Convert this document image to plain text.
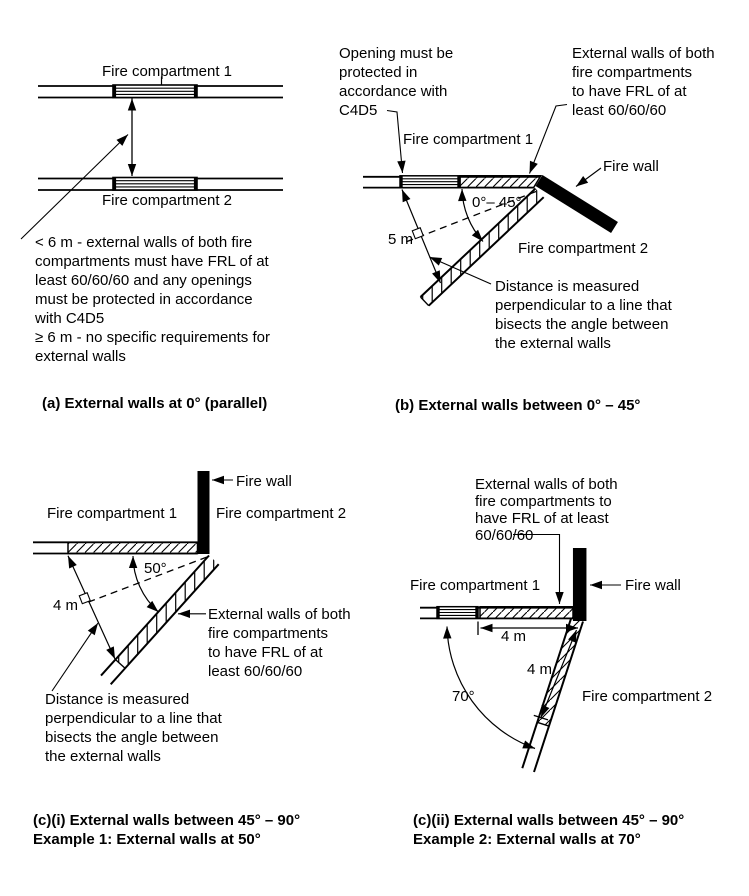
Fire compartment 1
Fire compartment 2
< 6 m - external walls of both fire
compartments must have FRL of at
least 60/60/60 and any openings
must be protected in accordance
with C4D5
≥ 6 m - no specific requirements for
external walls
(a) External walls at 0° (parallel)
Opening must be
protected in
accordance with
C4D5
External walls of both
fire compartments
to have FRL of at
least 60/60/60
Fire compartment 1
Fire wall
0°– 45°
5 m
Fire compartment 2
Distance is measured
perpendicular to a line that
bisects the angle between
the external walls
(b) External walls between 0° – 45°
Fire wall
Fire compartment 1	Fire compartment 2
50°
4 m
External walls of both
fire compartments
to have FRL of at
least 60/60/60
Distance is measured
perpendicular to a line that
bisects the angle between
the external walls
(c)(i) External walls between 45° – 90°
Example 1: External walls at 50°
External walls of both
fire compartments to
have FRL of at least
60/60/60
Fire wall
Fire compartment 1
4 m
4 m
70°	Fire compartment 2
(c)(ii) External walls between 45° – 90°
Example 2: External walls at 70°
